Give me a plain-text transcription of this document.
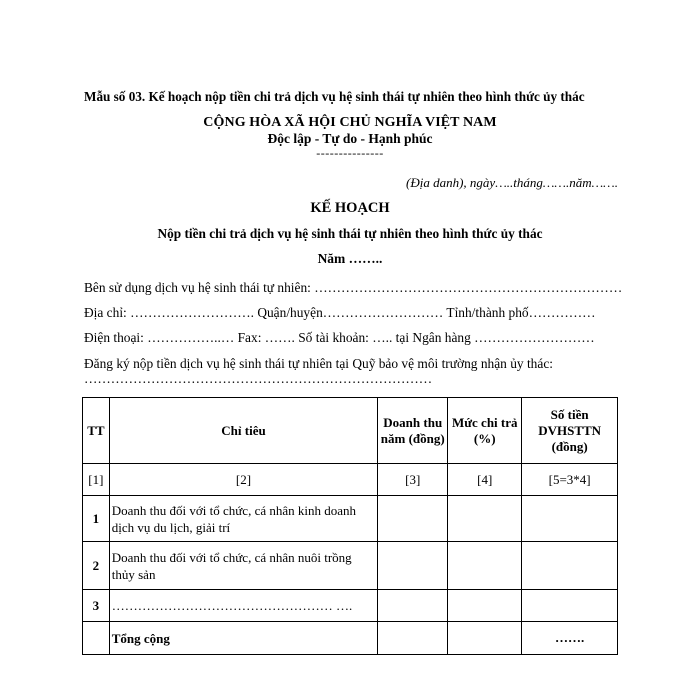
Mẫu số 03. Kế hoạch nộp tiền chi trả dịch vụ hệ sinh thái tự nhiên theo hình thức ủy thác
CỘNG HÒA XÃ HỘI CHỦ NGHĨA VIỆT NAM
Độc lập - Tự do - Hạnh phúc
---------------
(Địa danh), ngày…..tháng…….năm…….
KẾ HOẠCH
Nộp tiền chi trả dịch vụ hệ sinh thái tự nhiên theo hình thức ủy thác
Năm ……..
Bên sử dụng dịch vụ hệ sinh thái tự nhiên: ……………………………………………………………
Địa chỉ: ………………………. Quận/huyện……………………… Tỉnh/thành phố……………
Điện thoại: ……………..… Fax: ……. Số tài khoản: ….. tại Ngân hàng ………………………
Đăng ký nộp tiền dịch vụ hệ sinh thái tự nhiên tại Quỹ bảo vệ môi trường nhận ủy thác:
……………………………………………………………………
TT	Chỉ tiêu	Doanh thu năm (đồng)	Mức chi trả (%)	Số tiền DVHSTTN (đồng)
[1]	[2]	[3]	[4]	[5=3*4]
1	Doanh thu đối với tổ chức, cá nhân kinh doanh dịch vụ du lịch, giải trí			
2	Doanh thu đối với tổ chức, cá nhân nuôi trồng thủy sản			
3	…………………………………………… ….			
	Tổng cộng			…….
